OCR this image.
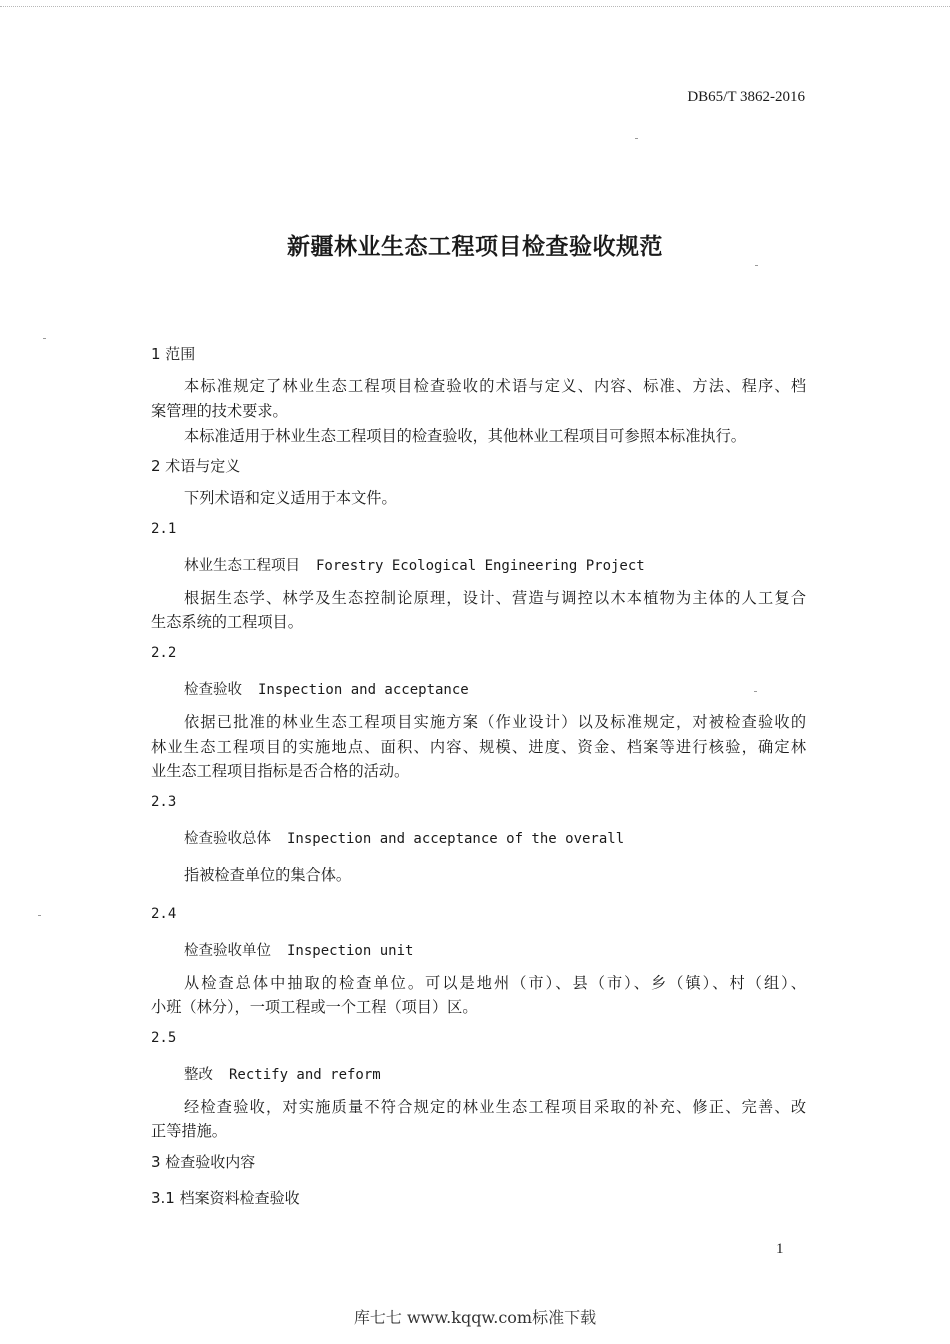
DB65/T 3862-2016
新疆林业生态工程项目检查验收规范
1 范围
本标准规定了林业生态工程项目检查验收的术语与定义、内容、标准、方法、程序、档
案管理的技术要求。
本标准适用于林业生态工程项目的检查验收，其他林业工程项目可参照本标准执行。
2 术语与定义
下列术语和定义适用于本文件。
2.1
林业生态工程项目 Forestry Ecological Engineering Project
根据生态学、林学及生态控制论原理，设计、营造与调控以木本植物为主体的人工复合
生态系统的工程项目。
2.2
检查验收 Inspection and acceptance
依据已批准的林业生态工程项目实施方案（作业设计）以及标准规定，对被检查验收的
林业生态工程项目的实施地点、面积、内容、规模、进度、资金、档案等进行核验，确定林
业生态工程项目指标是否合格的活动。
2.3
检查验收总体 Inspection and acceptance of the overall
指被检查单位的集合体。
2.4
检查验收单位 Inspection unit
从检查总体中抽取的检查单位。可以是地州（市）、县（市）、乡（镇）、村（组）、
小班（林分），一项工程或一个工程（项目）区。
2.5
整改 Rectify and reform
经检查验收，对实施质量不符合规定的林业生态工程项目采取的补充、修正、完善、改
正等措施。
3 检查验收内容
3.1 档案资料检查验收
1
库七七 www.kqqw.com标准下载
